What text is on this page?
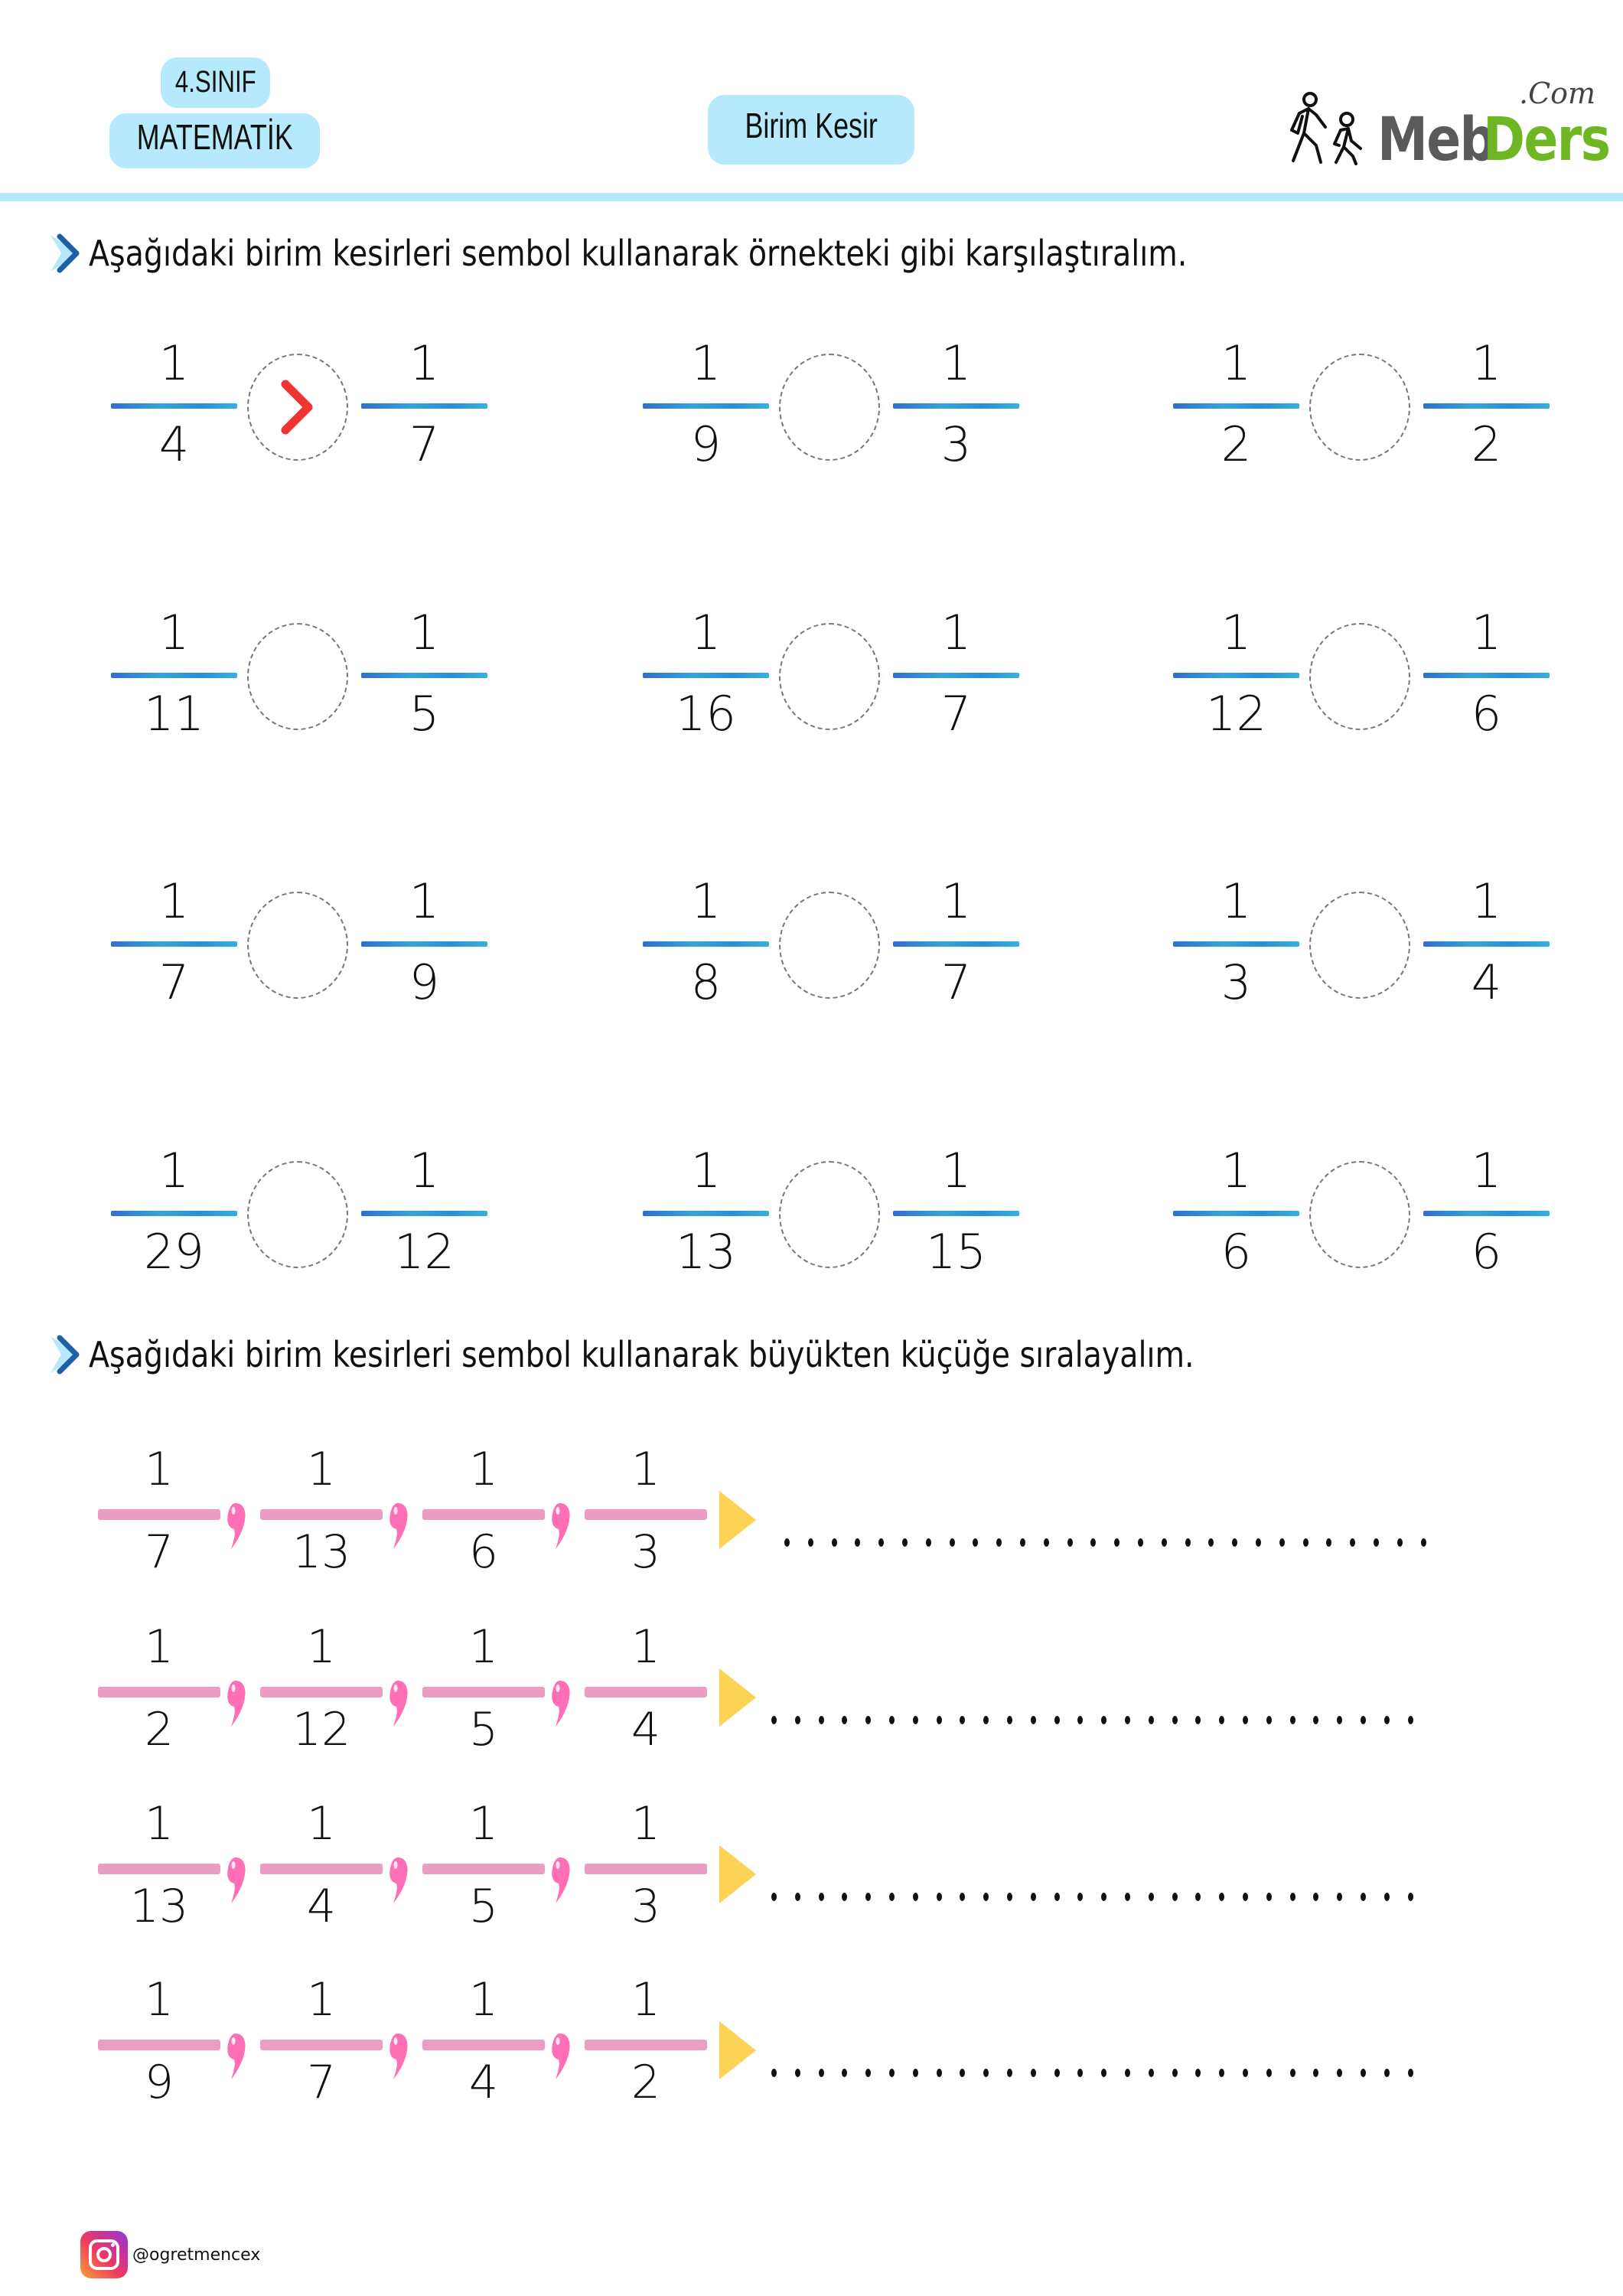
4.SINIF
MATEMATİK	Birim Kesir
.Com
Meb
Ders
Aşağıdaki birim kesirleri sembol kullanarak örnekteki gibi karşılaştıralım.
1
4
1
7
1
9
1
3
1
2
1
2
1
11
1
5
1
16
1
7
1
12
1
6
1
7
1
9
1
8
1
7
1
3
1
4
1
29
1
12
1
13
1
15
1
6
1
6
Aşağıdaki birim kesirleri sembol kullanarak büyükten küçüğe sıralayalım.
1
7
1
13
1
6
1
3
1
2
1
12
1
5
1
4
1
13
1
4
1
5
1
3
1
9
1
7
1
4
1
2
@ogretmencex
